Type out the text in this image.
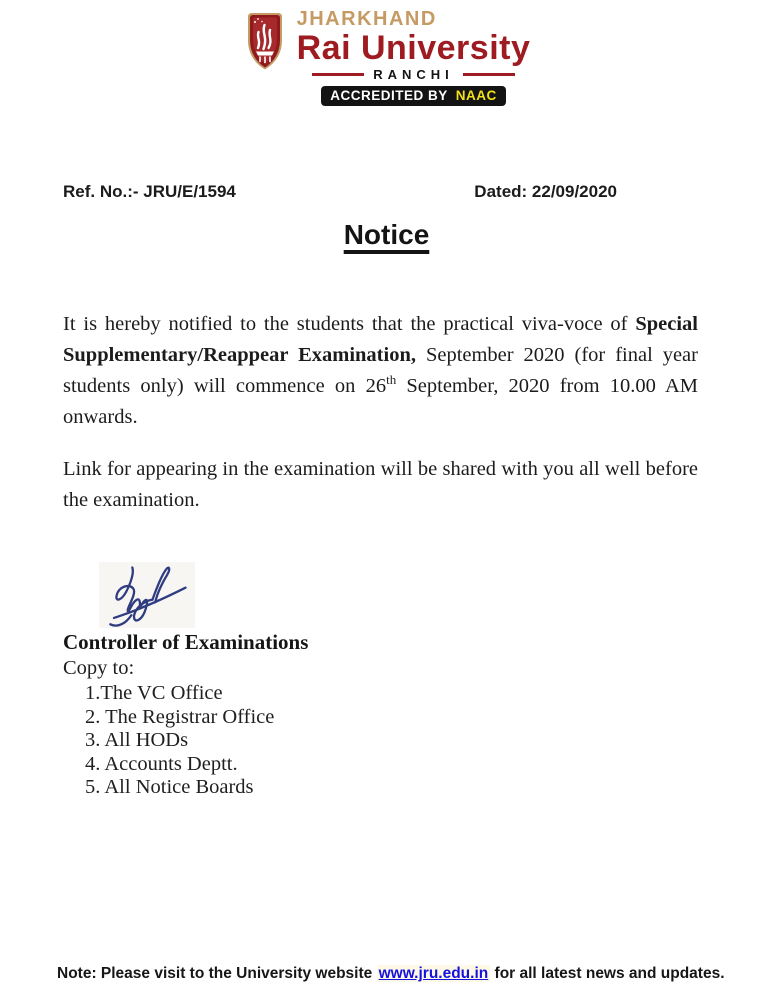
JHARKHAND
Rai University
RANCHI
ACCREDITED BY NAAC
Ref. No.:- JRU/E/1594	Dated: 22/09/2020
Notice

It is hereby notified to the students that the practical viva-voce of Special Supplementary/Reappear Examination, September 2020 (for final year students only) will commence on 26th September, 2020 from 10.00 AM onwards.

Link for appearing in the examination will be shared with you all well before the examination.

Controller of Examinations
Copy to:
1.The VC Office
2. The Registrar Office
3. All HODs
4. Accounts Deptt.
5. All Notice Boards
Note: Please visit to the University website www.jru.edu.in for all latest news and updates.
